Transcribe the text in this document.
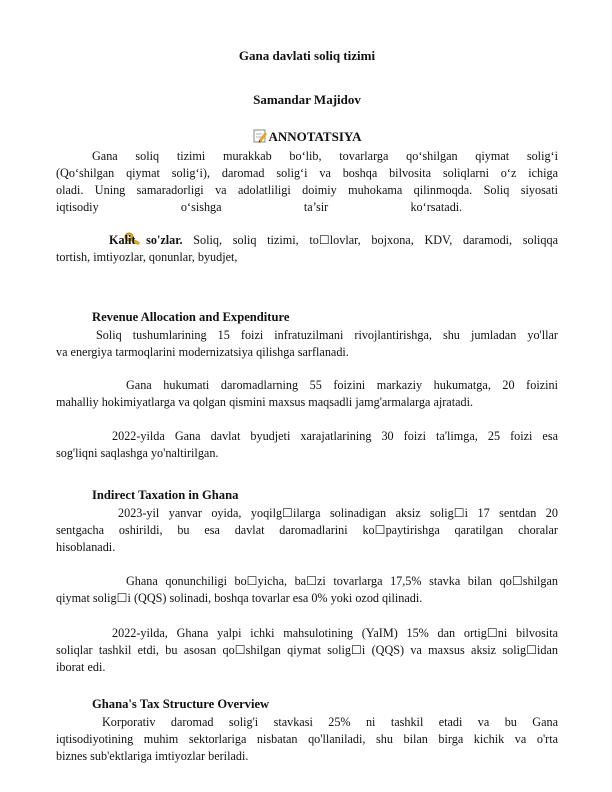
Gana davlati soliq tizimi
Samandar Majidov
ANNOTATSIYA
Gana soliq tizimi murakkab bo‘lib, tovarlarga qo‘shilgan qiymat solig‘i
(Qo‘shilgan qiymat solig‘i), daromad solig‘i va boshqa bilvosita soliqlarni o‘z ichiga
oladi. Uning samaradorligi va adolatliligi doimiy muhokama qilinmoqda. Soliq siyosati
iqtisodiy                           o‘sishga                           ta’sir                           ko‘rsatadi.
Kalit so'zlar. Soliq, soliq tizimi, to☐lovlar, bojxona, KDV, daramodi, soliqqa
tortish, imtiyozlar, qonunlar, byudjet,
Revenue Allocation and Expenditure
Soliq tushumlarining 15 foizi infratuzilmani rivojlantirishga, shu jumladan yo'llar
va energiya tarmoqlarini modernizatsiya qilishga sarflanadi.
Gana hukumati daromadlarning 55 foizini markaziy hukumatga, 20 foizini
mahalliy hokimiyatlarga va qolgan qismini maxsus maqsadli jamg'armalarga ajratadi.
2022-yilda Gana davlat byudjeti xarajatlarining 30 foizi ta'limga, 25 foizi esa
sog'liqni saqlashga yo'naltirilgan.
Indirect Taxation in Ghana
2023-yil yanvar oyida, yoqilg☐ilarga solinadigan aksiz solig☐i 17 sentdan 20
sentgacha oshirildi, bu esa davlat daromadlarini ko☐paytirishga qaratilgan choralar
hisoblanadi.
Ghana qonunchiligi bo☐yicha, ba☐zi tovarlarga 17,5% stavka bilan qo☐shilgan
qiymat solig☐i (QQS) solinadi, boshqa tovarlar esa 0% yoki ozod qilinadi.
2022-yilda, Ghana yalpi ichki mahsulotining (YaIM) 15% dan ortig☐ni bilvosita
soliqlar tashkil etdi, bu asosan qo☐shilgan qiymat solig☐i (QQS) va maxsus aksiz solig☐idan
iborat edi.
Ghana's Tax Structure Overview
Korporativ daromad solig'i stavkasi 25% ni tashkil etadi va bu Gana
iqtisodiyotining muhim sektorlariga nisbatan qo'llaniladi, shu bilan birga kichik va o'rta
biznes sub'ektlariga imtiyozlar beriladi.
